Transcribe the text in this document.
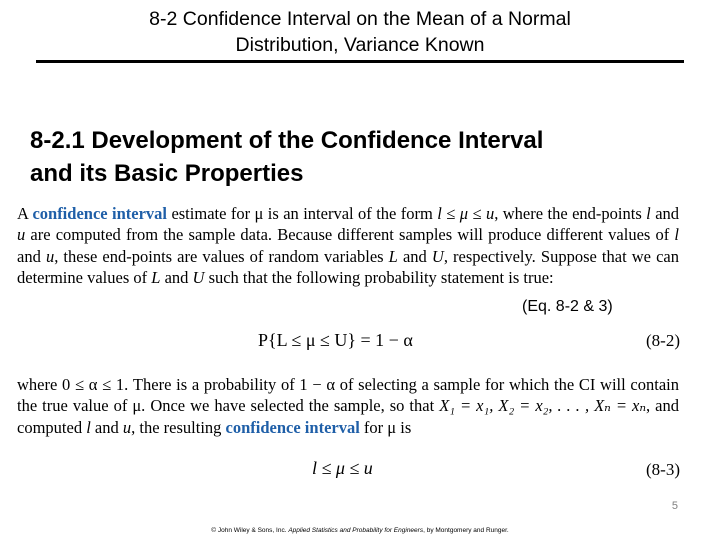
8-2 Confidence Interval on the Mean of a Normal
Distribution, Variance Known
8-2.1 Development of the Confidence Interval
and its Basic Properties
(Eq. 8-2 & 3)
A confidence interval estimate for μ is an interval of the form l ≤ μ ≤ u, where the end-points l and u are computed from the sample data. Because different samples will produce different values of l and u, these end-points are values of random variables L and U, respectively. Suppose that we can determine values of L and U such that the following probability statement is true:
P{L ≤ μ ≤ U} = 1 − α	(8-2)
where 0 ≤ α ≤ 1. There is a probability of 1 − α of selecting a sample for which the CI will contain the true value of μ. Once we have selected the sample, so that X₁ = x₁, X₂ = x₂, . . . , Xₙ = xₙ, and computed l and u, the resulting confidence interval for μ is
l ≤ μ ≤ u	(8-3)
5
© John Wiley & Sons, Inc. Applied Statistics and Probability for Engineers, by Montgomery and Runger.
